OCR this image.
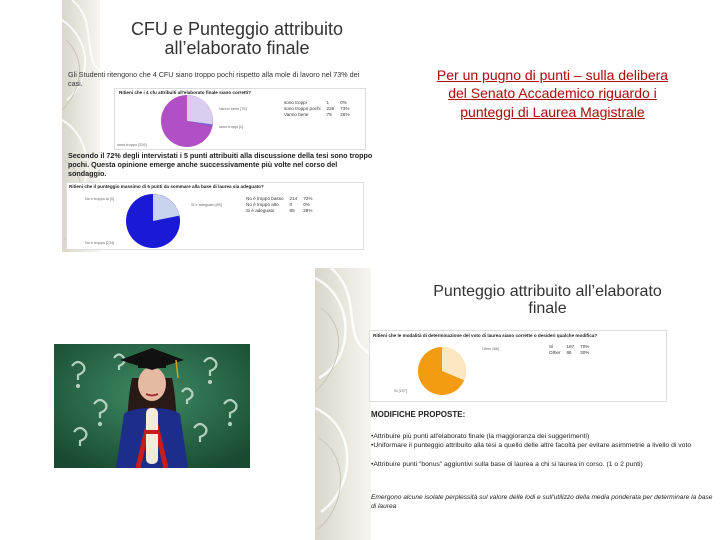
CFU e Punteggio attribuito
all’elaborato finale
Gli Studenti ritengono che 4 CFU siano troppo pochi rispetto alla mole di lavoro nel 73% dei casi.
Ritieni che i 4 cfu attribuiti all'elaborato finale siano corretti?
Vanno bene [79]
sono troppi [1]
sono troppo [226]
sono troppi	1	0%
sono troppo pochi	226	73%
Vanno bene	79	26%
Secondo il 72% degli intervistati i 5 punti attribuiti alla discussione della tesi sono troppo pochi. Questa opinione emerge anche successivamente più volte nel corso del sondaggio.
Ritieni che il punteggio massimo di 6 punti da sommare alla base di laurea sia adeguato?
No è troppo al [0]
Si è adeguato [85]
No è troppo [214]
No è troppo basso	214	72%
No è troppo alto	0	0%
Si è adeguato	85	28%
Per un pugno di punti – sulla delibera
del Senato Accademico riguardo i
punteggi di Laurea Magistrale
Punteggio attribuito all’elaborato
finale
Ritieni che le modalità di determinazione del voto di laurea siano corrette o desideri qualche modifica?
Other [86]
Sì [197]
Sì	197	70%
Other	86	30%
MODIFICHE PROPOSTE:
•Attribuire più punti all'elaborato finale (la maggioranza dei suggerimenti)
•Uniformare il punteggio attribuito alla tesi a quello delle altre facoltà per evitare asimmetrie a livello di voto
•Attribuire punti “bonus” aggiuntivi sulla base di laurea a chi si laurea in corso. (1 o 2 punti)
Emergono alcune isolate perplessità sul valore delle lodi e sull'utilizzo della media ponderata per determinare la base di laurea
